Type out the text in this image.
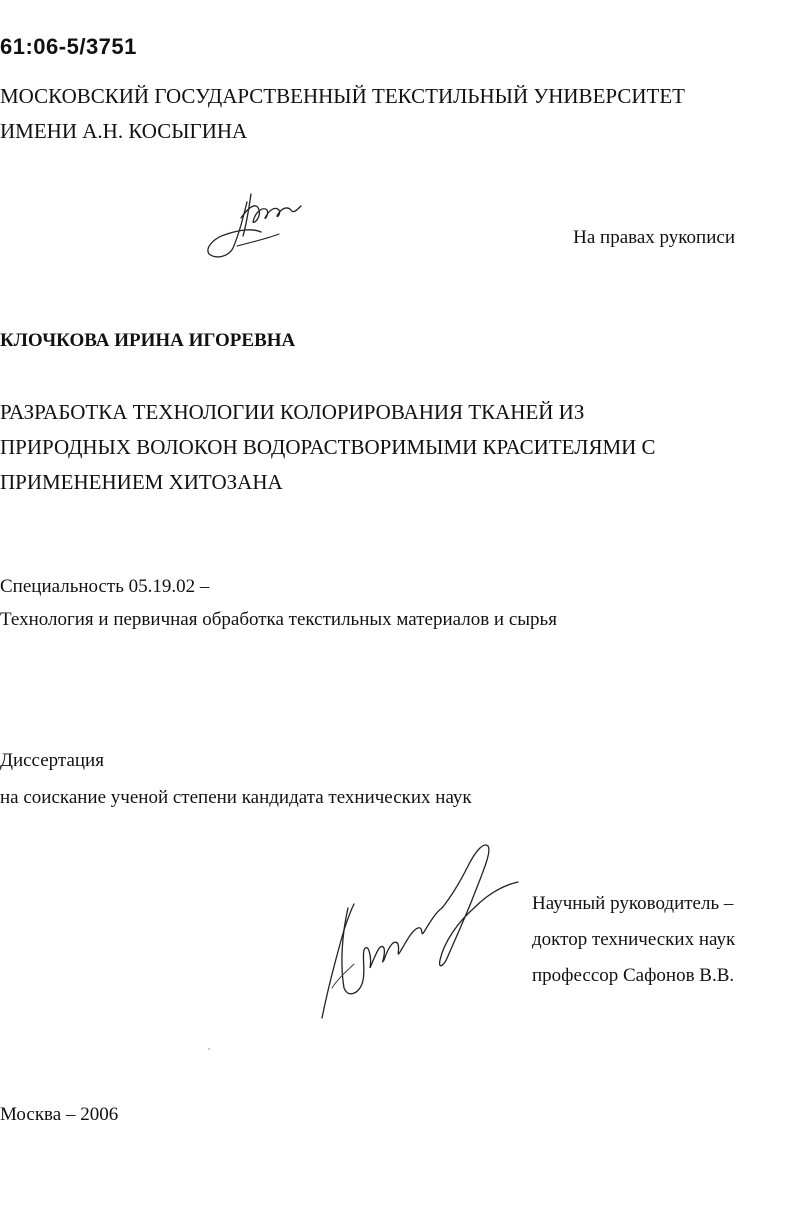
61:06-5/3751
МОСКОВСКИЙ ГОСУДАРСТВЕННЫЙ ТЕКСТИЛЬНЫЙ УНИВЕРСИТЕТ
ИМЕНИ А.Н. КОСЫГИНА
На правах рукописи
КЛОЧКОВА ИРИНА ИГОРЕВНА
РАЗРАБОТКА ТЕХНОЛОГИИ КОЛОРИРОВАНИЯ ТКАНЕЙ ИЗ
ПРИРОДНЫХ ВОЛОКОН ВОДОРАСТВОРИМЫМИ КРАСИТЕЛЯМИ С
ПРИМЕНЕНИЕМ ХИТОЗАНА
Специальность 05.19.02 –
Технология и первичная обработка текстильных материалов и сырья
Диссертация
на соискание ученой степени кандидата технических наук
Научный руководитель –
доктор технических наук
профессор Сафонов В.В.
Москва – 2006
